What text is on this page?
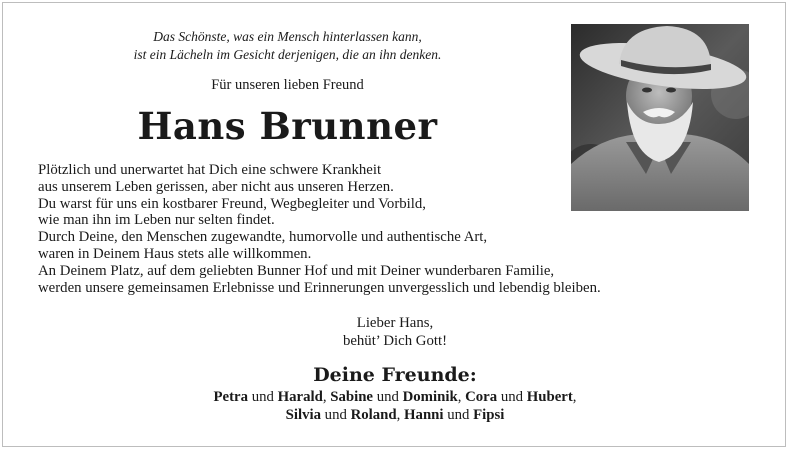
Das Schönste, was ein Mensch hinterlassen kann,
ist ein Lächeln im Gesicht derjenigen, die an ihn denken.
Für unseren lieben Freund
Hans Brunner
Plötzlich und unerwartet hat Dich eine schwere Krankheit
aus unserem Leben gerissen, aber nicht aus unseren Herzen.
Du warst für uns ein kostbarer Freund, Wegbegleiter und Vorbild,
wie man ihn im Leben nur selten findet.
Durch Deine, den Menschen zugewandte, humorvolle und authentische Art,
waren in Deinem Haus stets alle willkommen.
An Deinem Platz, auf dem geliebten Bunner Hof und mit Deiner wunderbaren Familie,
werden unsere gemeinsamen Erlebnisse und Erinnerungen unvergesslich und lebendig bleiben.
Lieber Hans,
behüt’ Dich Gott!
Deine Freunde:
Petra und Harald, Sabine und Dominik, Cora und Hubert,
Silvia und Roland, Hanni und Fipsi
